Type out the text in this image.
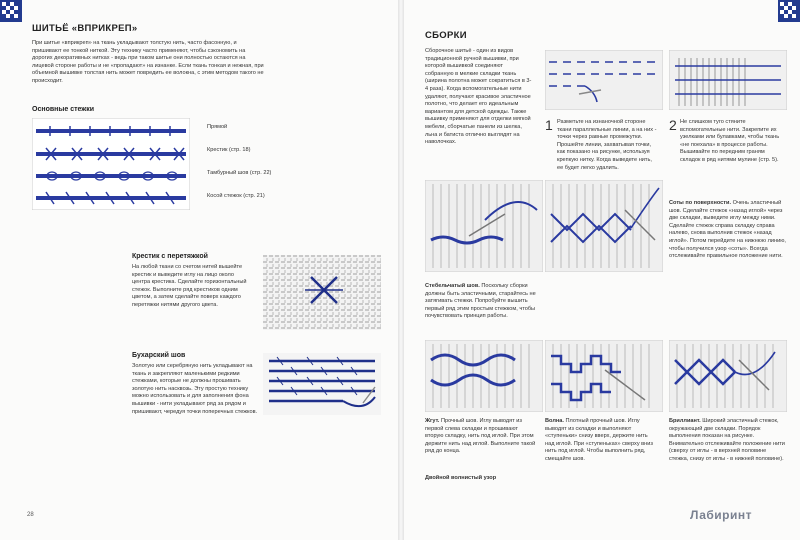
ШИТЬЁ «ВПРИКРЕП»
При шитье «вприкреп» на ткань укладывают толстую нить, часто фасонную, и пришивают ее тонкой ниткой. Эту технику часто применяют, чтобы сэкономить на дорогих декоративных нитках - ведь при таком шитье они полностью остаются на лицевой стороне работы и не «пропадают» на изнанке. Если ткань тонкая и нежная, при объемной вышивке толстая нить может повредить ее волокна, с этим методом такого не происходит.
Основные стежки
Прямой
Крестик (стр. 18)
Тамбурный шов (стр. 22)
Косой стежок (стр. 21)
Крестик с перетяжкой
На любой ткани со счетом нитей вышейте крестик и выведите иглу на лицо около центра крестика. Сделайте горизонтальный стежок. Выполните ряд крестиков одним цветом, а затем сделайте поверх каждого перетяжки нитями другого цвета.
Бухарский шов
Золотую или серебряную нить укладывают на ткань и закрепляют маленькими редкими стежками, которые не должны прошивать золотую нить насквозь. Эту простую технику можно использовать и для заполнения фона вышивки - нити укладывают ряд за рядом и пришивают, чередуя точки поперечных стежков.
28
СБОРКИ
Сборочное шитьё - один из видов традиционной ручной вышивки, при которой вышивкой соединяют собранную в мелкие складки ткань (ширина полотна может сократиться в 3-4 раза). Когда вспомогательные нити удаляют, получают красивое эластичное полотно, что делает его идеальным вариантом для детской одежды. Также вышивку применяют для отделки мягкой мебели, сборчатые панели из шелка, льна и батиста отлично выглядят на наволочках.
1 Разметьте на изнаночной стороне ткани параллельные линии, а на них - точки через равные промежутки. Прошейте линии, захватывая точки, как показано на рисунке, используя крепкую нитку. Когда выведете нить, ее будет легко удалить.
2 Не слишком туго стяните вспомогательные нити. Закрепите их узелками или булавками, чтобы ткань «не поехала» в процессе работы. Вышивайте по передним граням складок в ряд нитями мулине (стр. 5).
Стебельчатый шов. Поскольку сборки должны быть эластичными, старайтесь не затягивать стежки. Попробуйте вышить первый ряд этим простым стежком, чтобы почувствовать принцип работы.
Соты по поверхности. Очень эластичный шов. Сделайте стежок «назад иглой» через две складки, выведите иглу между ними. Сделайте стежок справа складку справа налево, снова выполнив стежок «назад иглой». Потом перейдите на нижнюю линию, чтобы получился узор «соты». Всегда отслеживайте правильное положение нити.
Жгут. Прочный шов. Иглу выводят из первой слева складки и прошивают вторую складку, нить под иглой. При этом держите нить над иглой. Выполните такой ряд до конца.
Двойной волнистый узор
Волна. Плотный прочный шов. Иглу выводят из складки и выполняют «ступеньки» снизу вверх, держите нить над иглой. При «ступеньках» сверху вниз нить под иглой. Чтобы выполнить ряд, смещайте шов.
Бриллиант. Широкий эластичный стежок, окружающий две складки. Порядок выполнения показан на рисунке. Внимательно отслеживайте положение нити (сверху от иглы - в верхней половине стежка, снизу от иглы - в нижней половине).
Лабиринт
